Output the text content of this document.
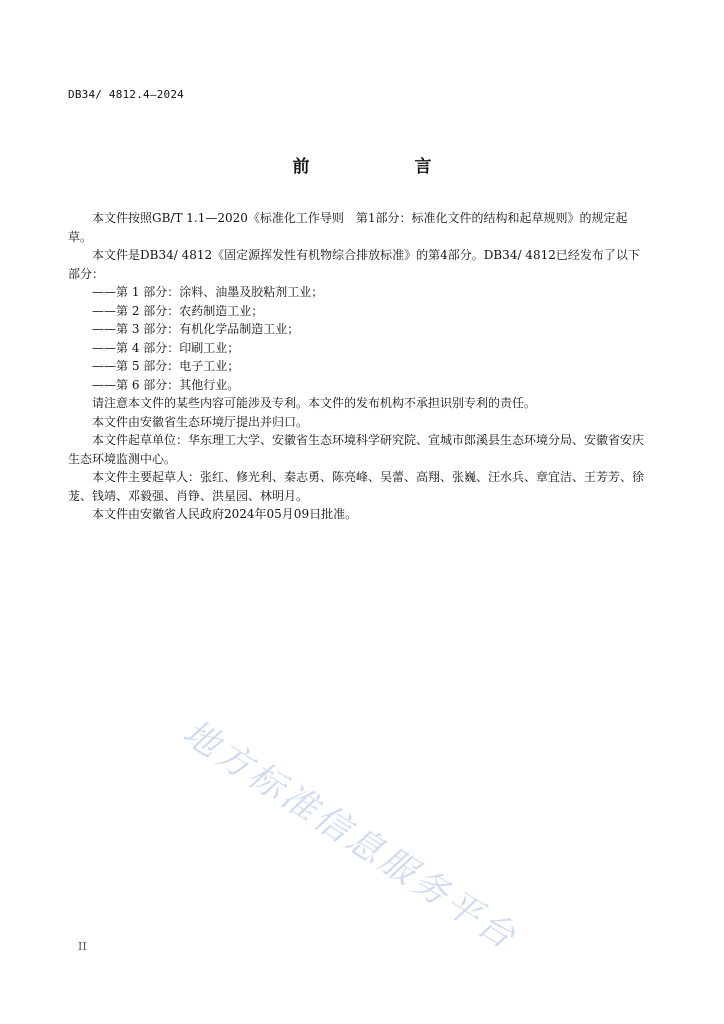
DB34/ 4812.4—2024
前　言

本文件按照GB/T 1.1—2020《标准化工作导则　第1部分：标准化文件的结构和起草规则》的规定起草。

本文件是DB34/ 4812《固定源挥发性有机物综合排放标准》的第4部分。DB34/ 4812已经发布了以下部分：

——第 1 部分：涂料、油墨及胶粘剂工业；

——第 2 部分：农药制造工业；

——第 3 部分：有机化学品制造工业；

——第 4 部分：印刷工业；

——第 5 部分：电子工业；

——第 6 部分：其他行业。

请注意本文件的某些内容可能涉及专利。本文件的发布机构不承担识别专利的责任。

本文件由安徽省生态环境厅提出并归口。

本文件起草单位：华东理工大学、安徽省生态环境科学研究院、宣城市郎溪县生态环境分局、安徽省安庆生态环境监测中心。

本文件主要起草人：张红、修光利、秦志勇、陈亮峰、吴蕾、高翔、张巍、汪水兵、章宜洁、王芳芳、徐茏、钱靖、邓毅强、肖铮、洪星园、林明月。

本文件由安徽省人民政府2024年05月09日批准。

地方标准信息服务平台
II
